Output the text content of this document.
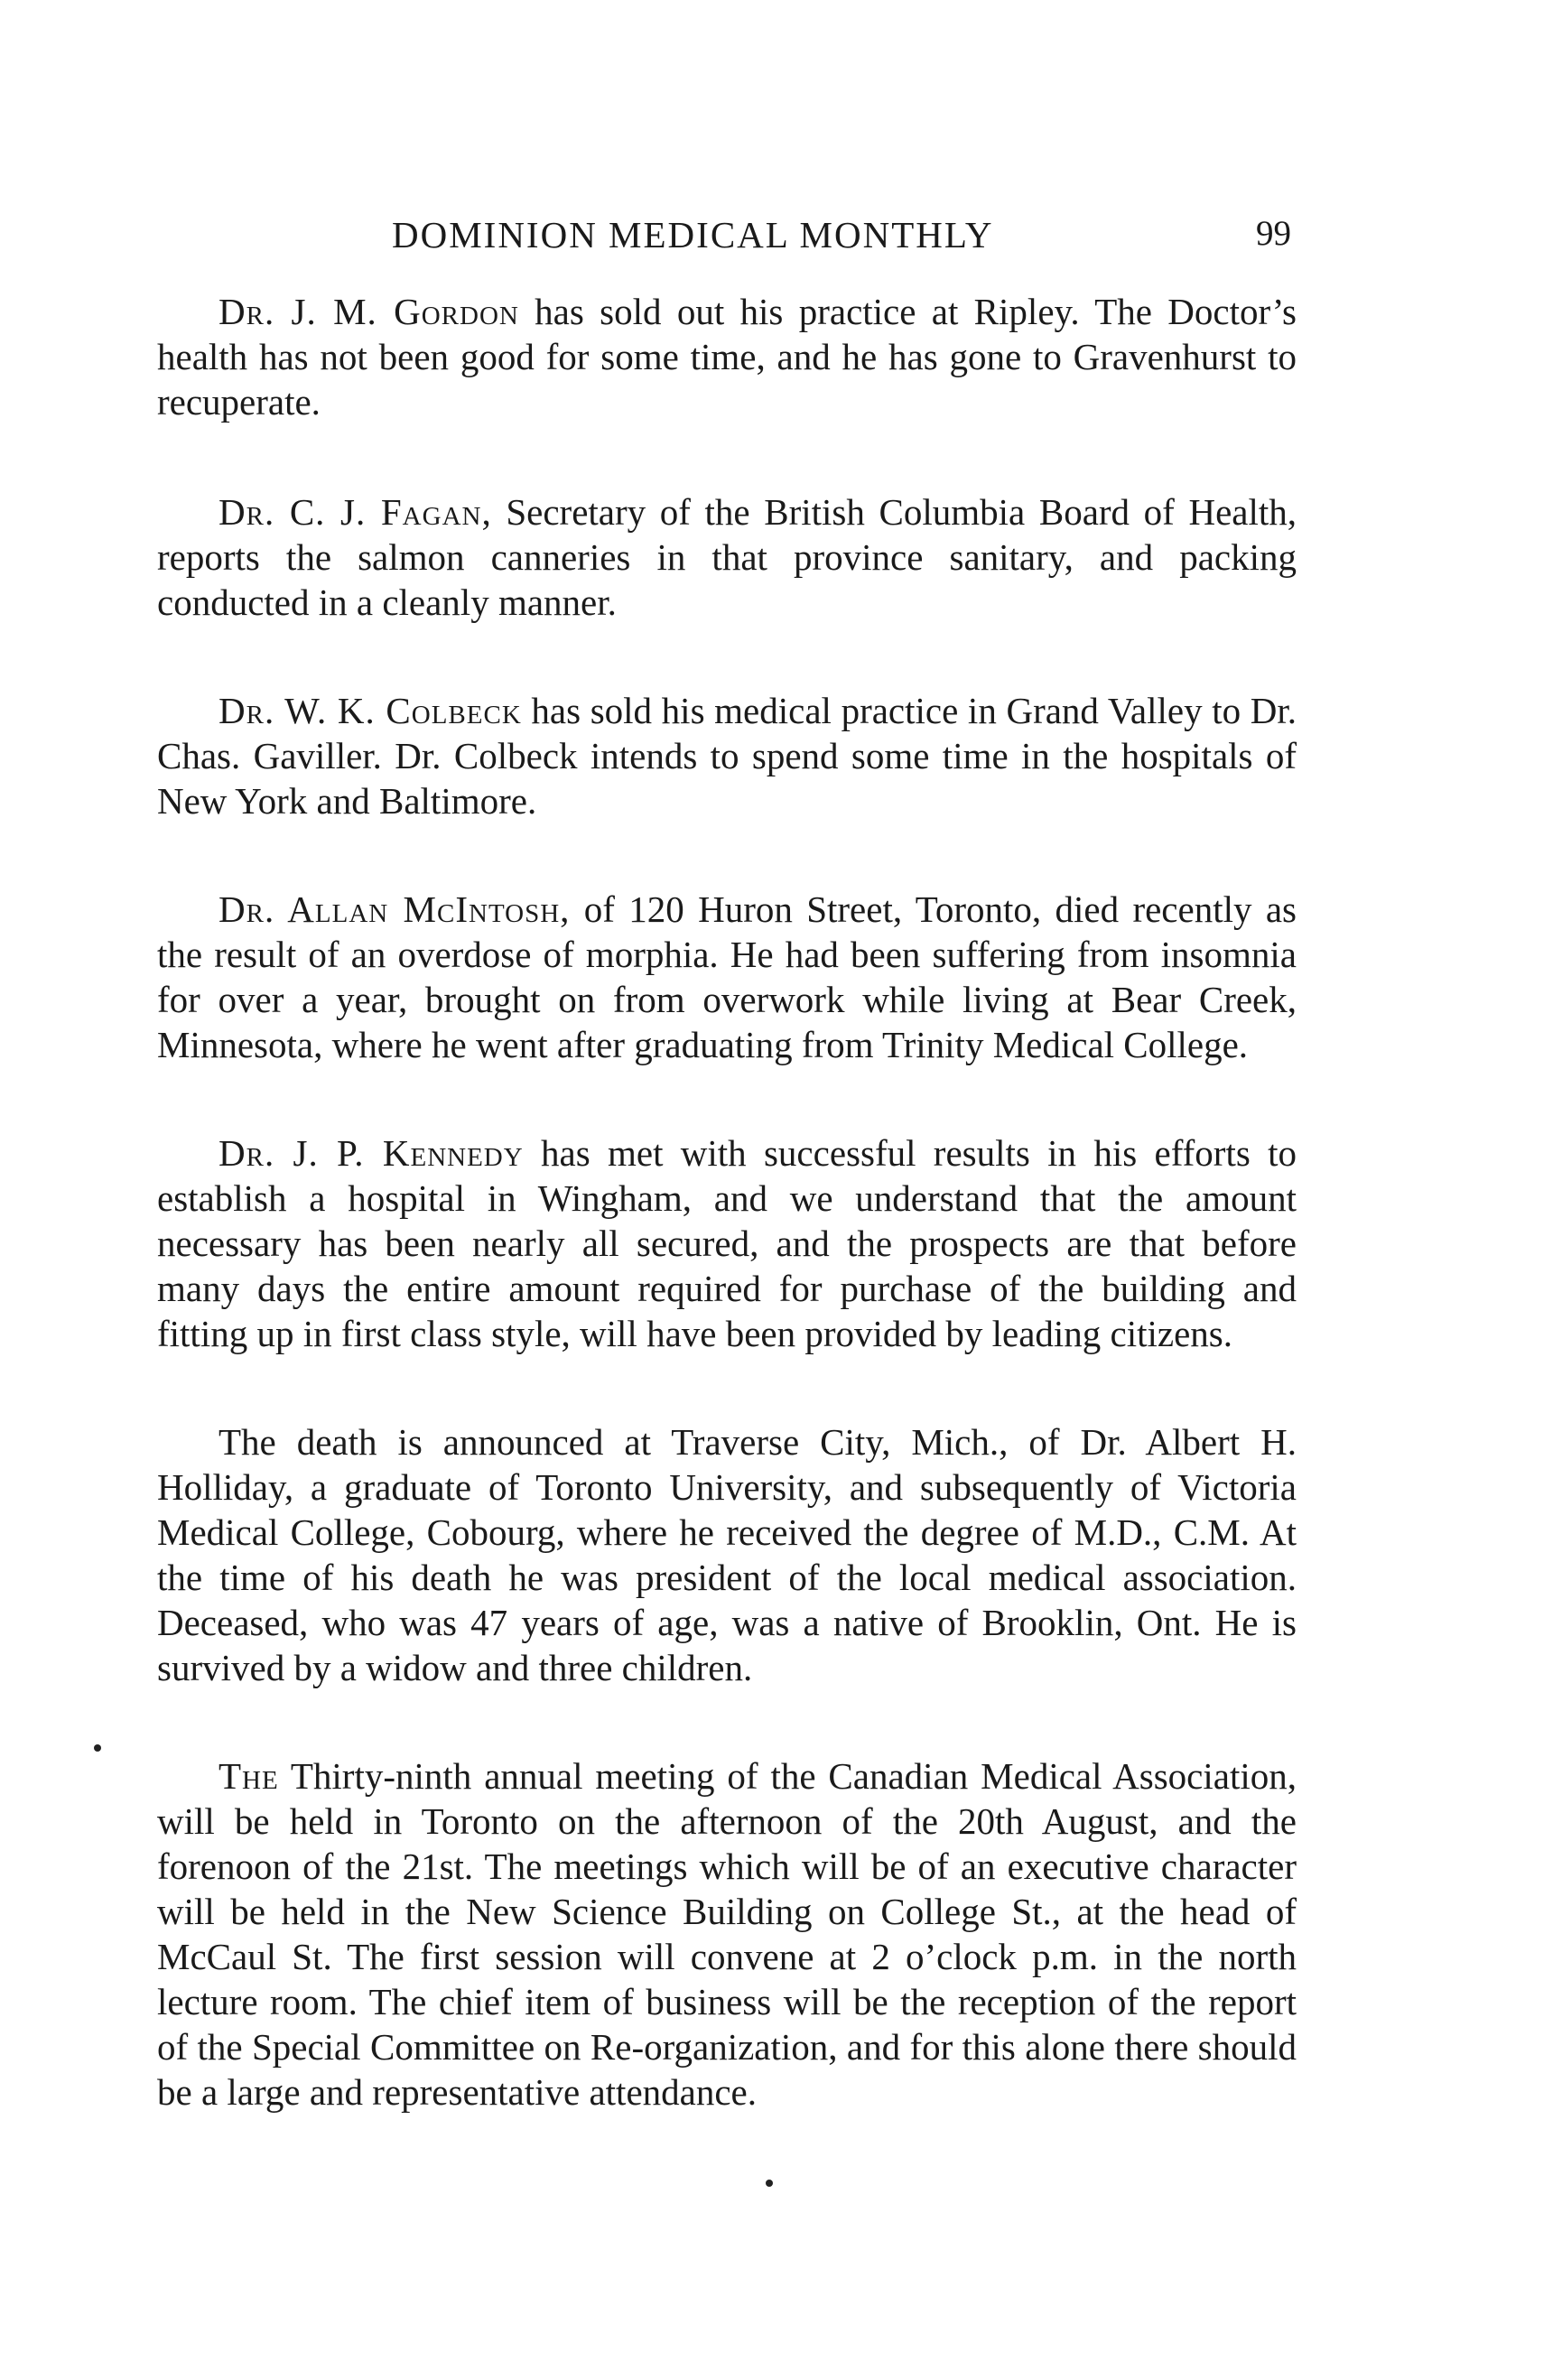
DOMINION MEDICAL MONTHLY	99

Dr. J. M. Gordon has sold out his practice at Ripley. The Doctor’s health has not been good for some time, and he has gone to Gravenhurst to recuperate.

Dr. C. J. Fagan, Secretary of the British Columbia Board of Health, reports the salmon canneries in that province sanitary, and packing conducted in a cleanly manner.

Dr. W. K. Colbeck has sold his medical practice in Grand Valley to Dr. Chas. Gaviller. Dr. Colbeck intends to spend some time in the hospitals of New York and Baltimore.

Dr. Allan McIntosh, of 120 Huron Street, Toronto, died recently as the result of an overdose of morphia. He had been suffering from insomnia for over a year, brought on from overwork while living at Bear Creek, Minnesota, where he went after graduating from Trinity Medical College.

Dr. J. P. Kennedy has met with successful results in his efforts to establish a hospital in Wingham, and we understand that the amount necessary has been nearly all secured, and the prospects are that before many days the entire amount required for purchase of the building and fitting up in first class style, will have been provided by leading citizens.

The death is announced at Traverse City, Mich., of Dr. Albert H. Holliday, a graduate of Toronto University, and subsequently of Victoria Medical College, Cobourg, where he received the degree of M.D., C.M. At the time of his death he was president of the local medical association. Deceased, who was 47 years of age, was a native of Brooklin, Ont. He is survived by a widow and three children.

The Thirty-ninth annual meeting of the Canadian Medical Association, will be held in Toronto on the afternoon of the 20th August, and the forenoon of the 21st. The meetings which will be of an executive character will be held in the New Science Building on College St., at the head of McCaul St. The first session will convene at 2 o’clock p.m. in the north lecture room. The chief item of business will be the reception of the report of the Special Committee on Re-organization, and for this alone there should be a large and representative attendance.
